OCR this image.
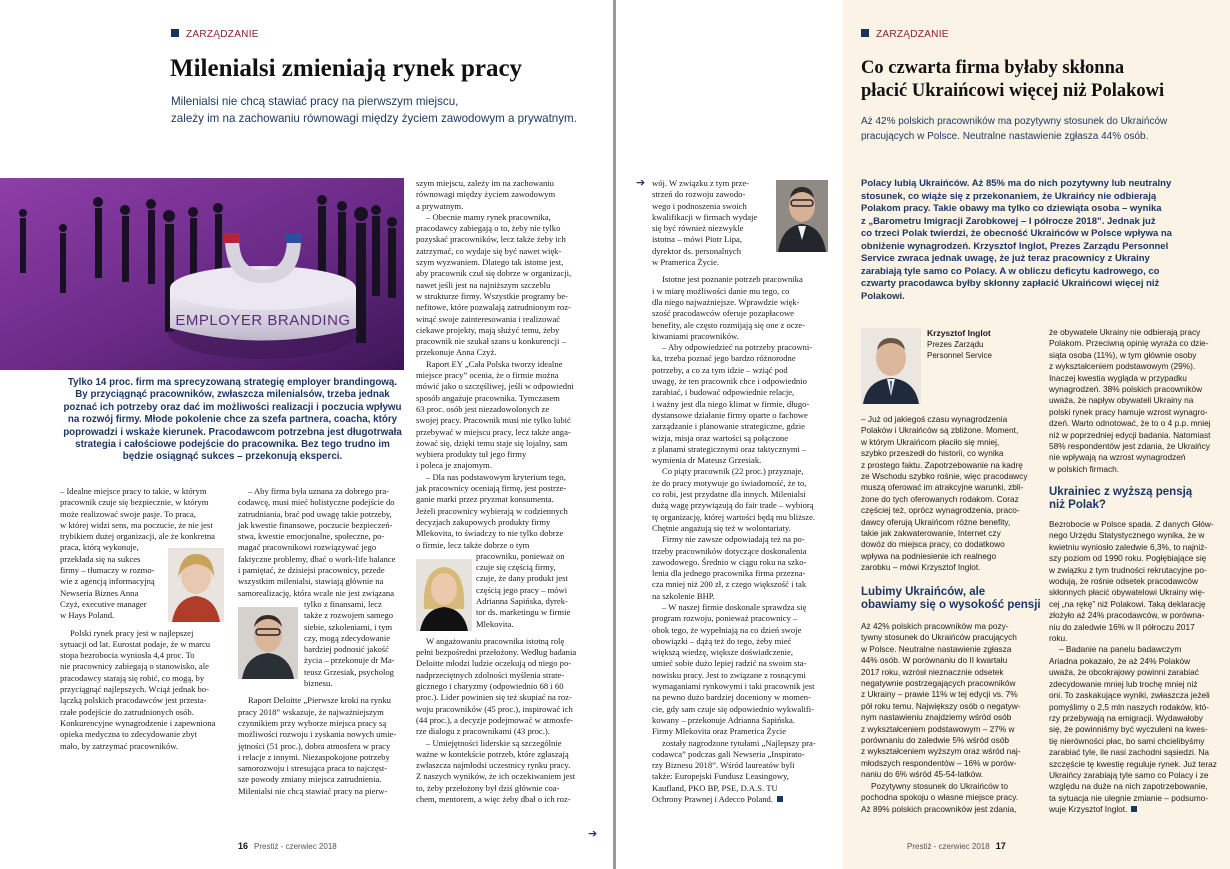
ZARZĄDZANIE
Milenialsi zmieniają rynek pracy
Milenialsi nie chcą stawiać pracy na pierwszym miejscu,
zależy im na zachowaniu równowagi między życiem zawodowym a prywatnym.
EMPLOYER BRANDING
Tylko 14 proc. firm ma sprecyzowaną strategię employer brandingową.
By przyciągnąć pracowników, zwłaszcza milenialsów, trzeba jednak
poznać ich potrzeby oraz dać im możliwości realizacji i poczucia wpływu
na rozwój firmy. Młode pokolenie chce za szefa partnera, coacha, który
poprowadzi i wskaże kierunek. Pracodawcom potrzebna jest długotrwała
strategia i całościowe podejście do pracownika. Bez tego trudno im
będzie osiągnąć sukces – przekonują eksperci.
– Idealne miejsce pracy to takie, w którym
pracownik czuje się bezpiecznie, w którym
może realizować swoje pasje. To praca,
w której widzi sens, ma poczucie, że nie jest
trybikiem dużej organizacji, ale że konkretna
praca, którą wykonuje,
przekłada się na sukces
firmy – tłumaczy w rozmo-
wie z agencją informacyjną
Newseria Biznes Anna
Czyż, executive manager
w Hays Poland.
Polski rynek pracy jest w najlepszej
sytuacji od lat. Eurostat podaje, że w marcu
stopa bezrobocia wyniosła 4,4 proc. To
nie pracownicy zabiegają o stanowisko, ale
pracodawcy starają się robić, co mogą, by
przyciągnąć najlepszych. Wciąż jednak bo-
lączką polskich pracodawców jest przesta-
rzałe podejście do zatrudnionych osób.
Konkurencyjne wynagrodzenie i zapewniona
opieka medyczna to zdecydowanie zbyt
mało, by zatrzymać pracowników.
– Aby firma była uznana za dobrego pra-
codawcę, musi mieć holistyczne podejście do
zatrudniania, brać pod uwagę takie potrzeby,
jak kwestie finansowe, poczucie bezpieczeń-
stwa, kwestie emocjonalne, społeczne, po-
magać pracownikowi rozwiązywać jego
faktyczne problemy, dbać o work-life balance
i pamiętać, że dzisiejsi pracownicy, przede
wszystkim milenialsi, stawiają głównie na
samorealizację, która wcale nie jest związana
tylko z finansami, lecz
także z rozwojem samego
siebie, szkoleniami, i tym
czy, mogą zdecydowanie
bardziej podnosić jakość
życia – przekonuje dr Ma-
teusz Grzesiak, psycholog
biznesu.
Raport Deloitte „Pierwsze kroki na rynku
pracy 2018” wskazuje, że najważniejszym
czynnikiem przy wyborze miejsca pracy są
możliwości rozwoju i zyskania nowych umie-
jętności (51 proc.), dobra atmosfera w pracy
i relacje z innymi. Niezaspokojone potrzeby
samorozwoju i stresująca praca to najczęst-
sze powody zmiany miejsca zatrudnienia.
Milenialsi nie chcą stawiać pracy na pierw-
szym miejscu, zależy im na zachowaniu
równowagi między życiem zawodowym
a prywatnym.
– Obecnie mamy rynek pracownika,
pracodawcy zabiegają o to, żeby nie tylko
pozyskać pracowników, lecz także żeby ich
zatrzymać, co wydaje się być nawet więk-
szym wyzwaniem. Dlatego tak istotne jest,
aby pracownik czuł się dobrze w organizacji,
nawet jeśli jest na najniższym szczeblu
w strukturze firmy. Wszystkie programy be-
nefitowe, które pozwalają zatrudnionym roz-
winąć swoje zainteresowania i realizować
ciekawe projekty, mają służyć temu, żeby
pracownik nie szukał szans u konkurencji –
przekonuje Anna Czyż.
Raport EY „Cała Polska tworzy idealne
miejsce pracy” ocenia, że o firmie można
mówić jako o szczęśliwej, jeśli w odpowiedni
sposób angażuje pracownika. Tymczasem
63 proc. osób jest niezadowolonych ze
swojej pracy. Pracownik musi nie tylko lubić
przebywać w miejscu pracy, lecz także anga-
żować się, dzięki temu staje się lojalny, sam
wybiera produkty tuł jego firmy
i poleca je znajomym.
– Dla nas podstawowym kryterium tego,
jak pracownicy oceniają firmę, jest postrze-
ganie marki przez pryzmat konsumenta.
Jeżeli pracownicy wybierają w codziennych
decyzjach zakupowych produkty firmy
Mlekovita, to świadczy to nie tylko dobrze
o firmie, lecz także dobrze o tym
pracowniku, ponieważ on
czuje się częścią firmy,
czuje, że dany produkt jest
częścią jego pracy – mówi
Adrianna Sapińska, dyrek-
tor ds. marketingu w firmie
Mlekovita.
W angażowaniu pracownika istotną rolę
pełni bezpośredni przełożony. Według badania
Deloitte młodzi ludzie oczekują od niego po-
nadprzeciętnych zdolności myślenia strate-
gicznego i charyzmy (odpowiednio 68 i 60
proc.). Lider powinien się też skupiać na roz-
woju pracowników (45 proc.), inspirować ich
(44 proc.), a decyzje podejmować w atmosfe-
rze dialogu z pracownikami (43 proc.).
– Umiejętności liderskie są szczególnie
ważne w kontekście potrzeb, które zgłaszają
zwłaszcza najmłodsi uczestnicy rynku pracy.
Z naszych wyników, że ich oczekiwaniem jest
to, żeby przełożony był dziś głównie coa-
chem, mentorem, a więc żeby dbał o ich roz-
➔
16 Prestiż - czerwiec 2018
➔ wój. W związku z tym prze-
strzeń do rozwoju zawodo-
wego i podnoszenia swoich
kwalifikacji w firmach wydaje
się być również niezwykle
istotna – mówi Piotr Lipa,
dyrektor ds. personalnych
w Pramerica Życie.
Istotne jest poznanie potrzeb pracownika
i w miarę możliwości danie mu tego, co
dla niego najważniejsze. Wprawdzie więk-
szość pracodawców oferuje pozapłacowe
benefity, ale często rozmijają się one z ocze-
kiwaniami pracowników.
– Aby odpowiedzieć na potrzeby pracowni-
ka, trzeba poznać jego bardzo różnorodne
potrzeby, a co za tym idzie – wziąć pod
uwagę, że ten pracownik chce i odpowiednio
zarabiać, i budować odpowiednie relacje,
i ważny jest dla niego klimat w firmie, długo-
dystansowe działanie firmy oparte o fachowe
zarządzanie i planowanie strategiczne, gdzie
wizja, misja oraz wartości są połączone
z planami strategicznymi oraz taktycznymi –
wymienia dr Mateusz Grzesiak.
Co piąty pracownik (22 proc.) przyznaje,
że do pracy motywuje go świadomość, że to,
co robi, jest przydatne dla innych. Milenialsi
dużą wagę przywiązują do fair trade – wybiorą
tę organizację, której wartości będą mu bliższe.
Chętnie angażują się też w wolontariaty.
Firmy nie zawsze odpowiadają też na po-
trzeby pracowników dotyczące doskonalenia
zawodowego. Średnio w ciągu roku na szko-
lenia dla jednego pracownika firma przezna-
cza mniej niż 200 zł, z czego większość i tak
na szkolenie BHP.
– W naszej firmie doskonale sprawdza się
program rozwoju, ponieważ pracownicy –
obok tego, że wypełniają na co dzień swoje
obowiązki – dążą też do tego, żeby mieć
większą wiedzę, większe doświadczenie,
umieć sobie dużo lepiej radzić na swoim sta-
nowisku pracy. Jest to związane z rosnącymi
wymaganiami rynkowymi i taki pracownik jest
na pewno dużo bardziej doceniony w momen-
cie, gdy sam czuje się odpowiednio wykwalifi-
kowany – przekonuje Adrianna Sapińska.
Firmy Mlekovita oraz Pramerica Życie
zostały nagrodzone tytułami „Najlepszy pra-
codawca” podczas gali Newseria „Inspirato-
rzy Biznesu 2018”. Wśród laureatów byli
także: Europejski Fundusz Leasingowy,
Kaufland, PKO BP, PSE, D.A.S. TU
Ochrony Prawnej i Adecco Poland.
ZARZĄDZANIE
Co czwarta firma byłaby skłonna
płacić Ukraińcowi więcej niż Polakowi
Aż 42% polskich pracowników ma pozytywny stosunek do Ukraińców
pracujących w Polsce. Neutralne nastawienie zgłasza 44% osób.
Polacy lubią Ukraińców. Aż 85% ma do nich pozytywny lub neutralny
stosunek, co wiąże się z przekonaniem, że Ukraińcy nie odbierają
Polakom pracy. Takie obawy ma tylko co dziewiąta osoba – wynika
z „Barometru Imigracji Zarobkowej – I półrocze 2018”. Jednak już
co trzeci Polak twierdzi, że obecność Ukraińców w Polsce wpływa na
obniżenie wynagrodzeń. Krzysztof Inglot, Prezes Zarządu Personnel
Service zwraca jednak uwagę, że już teraz pracownicy z Ukrainy
zarabiają tyle samo co Polacy. A w obliczu deficytu kadrowego, co
czwarty pracodawca byłby skłonny zapłacić Ukraińcowi więcej niż
Polakowi.
Krzysztof Inglot
Prezes Zarządu
Personnel Service
– Już od jakiegoś czasu wynagrodzenia
Polaków i Ukraińców są zbliżone. Moment,
w którym Ukraińcom płaciło się mniej,
szybko przeszedł do historii, co wynika
z prostego faktu. Zapotrzebowanie na kadrę
ze Wschodu szybko rośnie, więc pracodawcy
muszą oferować im atrakcyjne warunki, zbli-
żone do tych oferowanych rodakom. Coraz
częściej też, oprócz wynagrodzenia, praco-
dawcy oferują Ukraińcom różne benefity,
takie jak zakwaterowanie, Internet czy
dowóz do miejsca pracy, co dodatkowo
wpływa na podniesienie ich realnego
zarobku – mówi Krzysztof Inglot.
Lubimy Ukraińców, ale
obawiamy się o wysokość pensji
Aż 42% polskich pracowników ma pozy-
tywny stosunek do Ukraińców pracujących
w Polsce. Neutralne nastawienie zgłasza
44% osób. W porównaniu do II kwartału
2017 roku, wzrósł nieznacznie odsetek
negatywnie postrzegających pracowników
z Ukrainy – prawie 11% w tej edycji vs. 7%
pół roku temu. Największy osób o negatyw-
nym nastawieniu znajdziemy wśród osób
z wykształceniem podstawowym – 27% w
porównaniu do zaledwie 5% wśród osób
z wykształceniem wyższym oraz wśród naj-
młodszych respondentów – 16% w porów-
naniu do 6% wśród 45-54-latków.
Pozytywny stosunek do Ukraińców to
pochodna spokoju o własne miejsce pracy.
Aż 89% polskich pracowników jest zdania,
że obywatele Ukrainy nie odbierają pracy
Polakom. Przeciwną opinię wyraża co dzie-
siąta osoba (11%), w tym głównie osoby
z wykształceniem podstawowym (29%).
Inaczej kwestia wygląda w przypadku
wynagrodzeń. 38% polskich pracowników
uważa, że napływ obywateli Ukrainy na
polski rynek pracy hamuje wzrost wynagro-
dzeń. Warto odnotować, że to o 4 p.p. mniej
niż w poprzedniej edycji badania. Natomiast
58% respondentów jest zdania, że Ukraińcy
nie wpływają na wzrost wynagrodzeń
w polskich firmach.
Ukrainiec z wyższą pensją
niż Polak?
Bezrobocie w Polsce spada. Z danych Głów-
nego Urzędu Statystycznego wynika, że w
kwietniu wyniosło zaledwie 6,3%, to najniż-
szy poziom od 1990 roku. Pogłębiające się
w związku z tym trudności rekrutacyjne po-
wodują, że rośnie odsetek pracodawców
skłonnych płacić obywatelowi Ukrainy wię-
cej „na rękę” niż Polakowi. Taką deklarację
złożyło aż 24% pracodawców, w porówna-
niu do zaledwie 16% w II półroczu 2017
roku.
– Badanie na panelu badawczym
Ariadna pokazało, że aż 24% Polaków
uważa, że obcokrajowy powinni zarabiać
zdecydowanie mniej lub trochę mniej niż
oni. To zaskakujące wyniki, zwłaszcza jeżeli
pomyślimy o 2,5 mln naszych rodaków, któ-
rzy przebywają na emigracji. Wydawałoby
się, że powinniśmy być wyczuleni na kwes-
tię nierówności płac, bo sami chcielibyśmy
zarabiać tyle, ile nasi zachodni sąsiedzi. Na
szczęście tę kwestię reguluje rynek. Już teraz
Ukraińcy zarabiają tyle samo co Polacy i ze
względu na duże na nich zapotrzebowanie,
ta sytuacja nie ulegnie zmianie – podsumo-
wuje Krzysztof Inglot.
Prestiż - czerwiec 2018 17
